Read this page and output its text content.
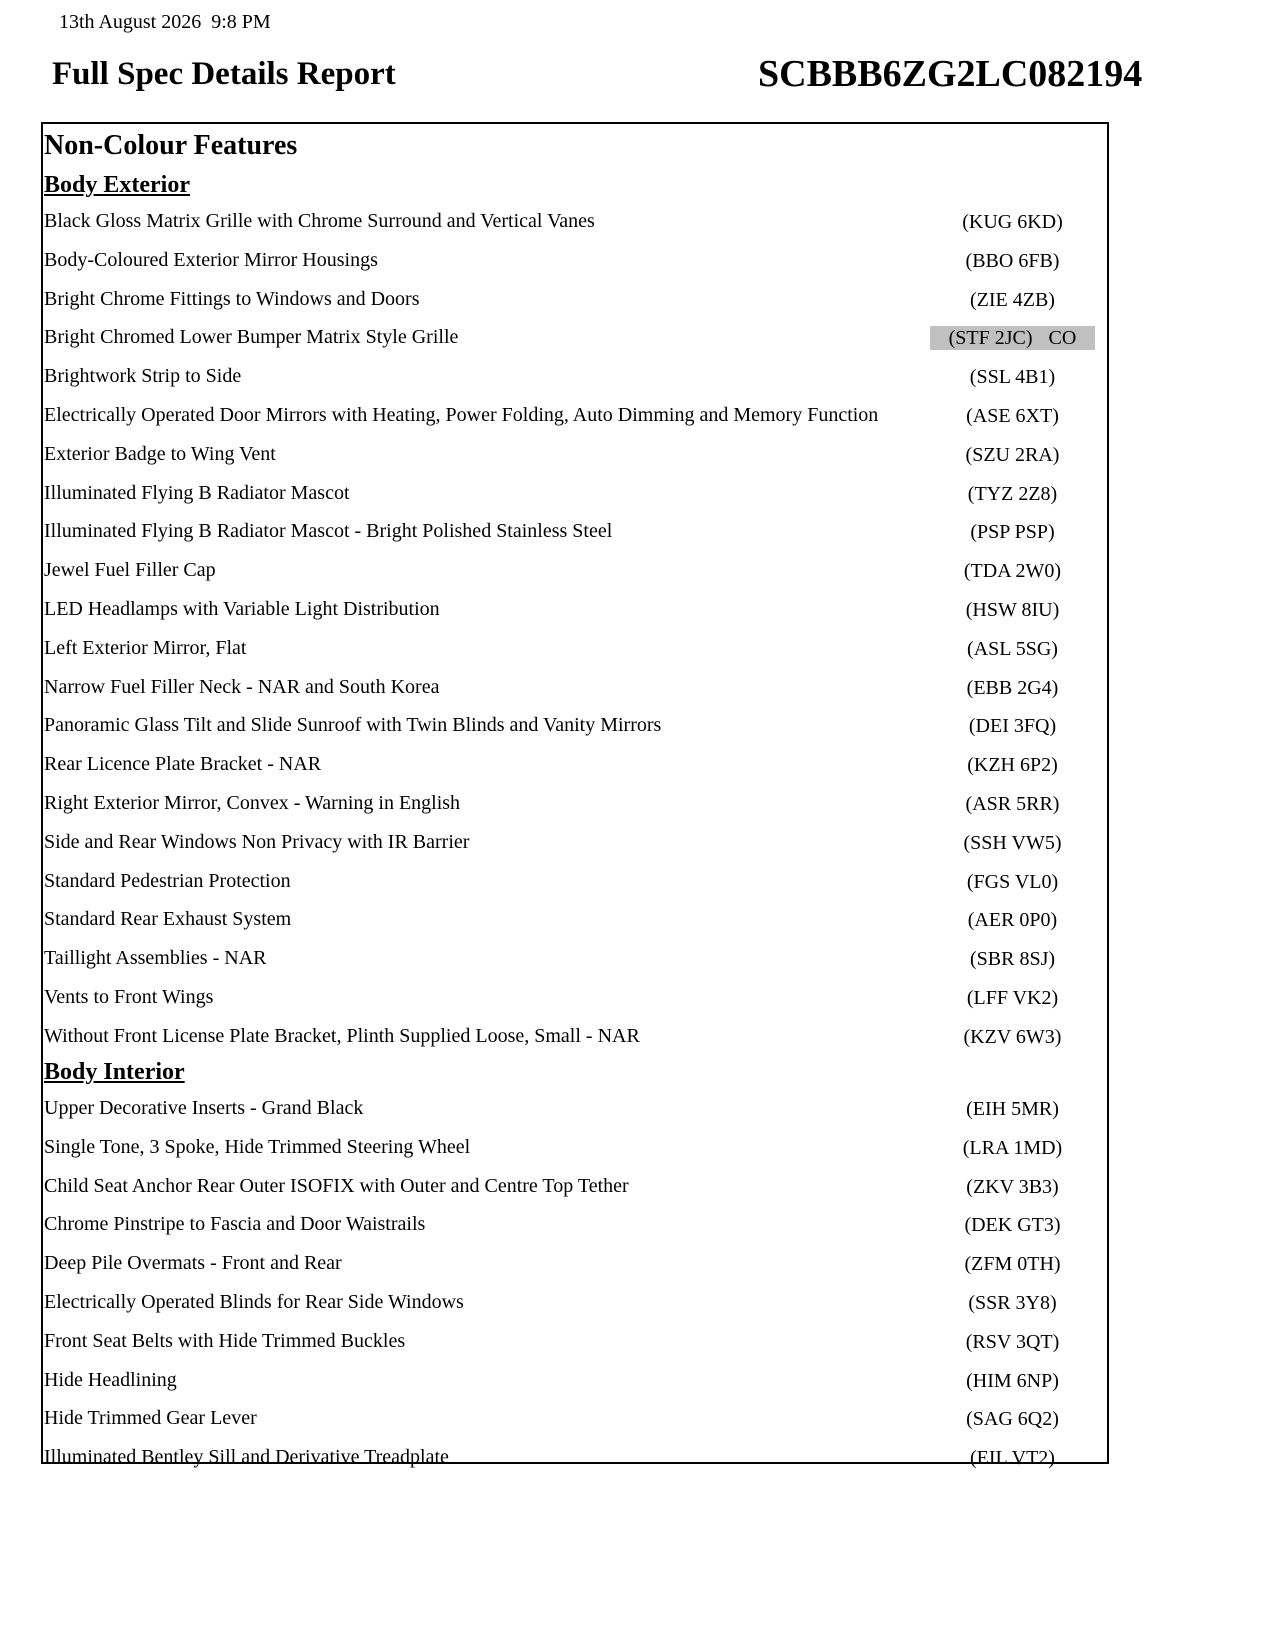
13th August 2026  9:8 PM
Full Spec Details Report	SCBBB6ZG2LC082194
Non-Colour Features
Body Exterior
Black Gloss Matrix Grille with Chrome Surround and Vertical Vanes	(KUG 6KD)
Body-Coloured Exterior Mirror Housings	(BBO 6FB)
Bright Chrome Fittings to Windows and Doors	(ZIE 4ZB)
Bright Chromed Lower Bumper Matrix Style Grille	(STF 2JC) CO
Brightwork Strip to Side	(SSL 4B1)
Electrically Operated Door Mirrors with Heating, Power Folding, Auto Dimming and Memory Function	(ASE 6XT)
Exterior Badge to Wing Vent	(SZU 2RA)
Illuminated Flying B Radiator Mascot	(TYZ 2Z8)
Illuminated Flying B Radiator Mascot - Bright Polished Stainless Steel	(PSP PSP)
Jewel Fuel Filler Cap	(TDA 2W0)
LED Headlamps with Variable Light Distribution	(HSW 8IU)
Left Exterior Mirror, Flat	(ASL 5SG)
Narrow Fuel Filler Neck - NAR and South Korea	(EBB 2G4)
Panoramic Glass Tilt and Slide Sunroof with Twin Blinds and Vanity Mirrors	(DEI 3FQ)
Rear Licence Plate Bracket - NAR	(KZH 6P2)
Right Exterior Mirror, Convex - Warning in English	(ASR 5RR)
Side and Rear Windows Non Privacy with IR Barrier	(SSH VW5)
Standard Pedestrian Protection	(FGS VL0)
Standard Rear Exhaust System	(AER 0P0)
Taillight Assemblies - NAR	(SBR 8SJ)
Vents to Front Wings	(LFF VK2)
Without Front License Plate Bracket, Plinth Supplied Loose, Small - NAR	(KZV 6W3)
Body Interior
Upper Decorative Inserts - Grand Black	(EIH 5MR)
Single Tone, 3 Spoke, Hide Trimmed Steering Wheel	(LRA 1MD)
Child Seat Anchor Rear Outer ISOFIX with Outer and Centre Top Tether	(ZKV 3B3)
Chrome Pinstripe to Fascia and Door Waistrails	(DEK GT3)
Deep Pile Overmats - Front and Rear	(ZFM 0TH)
Electrically Operated Blinds for Rear Side Windows	(SSR 3Y8)
Front Seat Belts with Hide Trimmed Buckles	(RSV 3QT)
Hide Headlining	(HIM 6NP)
Hide Trimmed Gear Lever	(SAG 6Q2)
Illuminated Bentley Sill and Derivative Treadplate	(EIL VT2)
